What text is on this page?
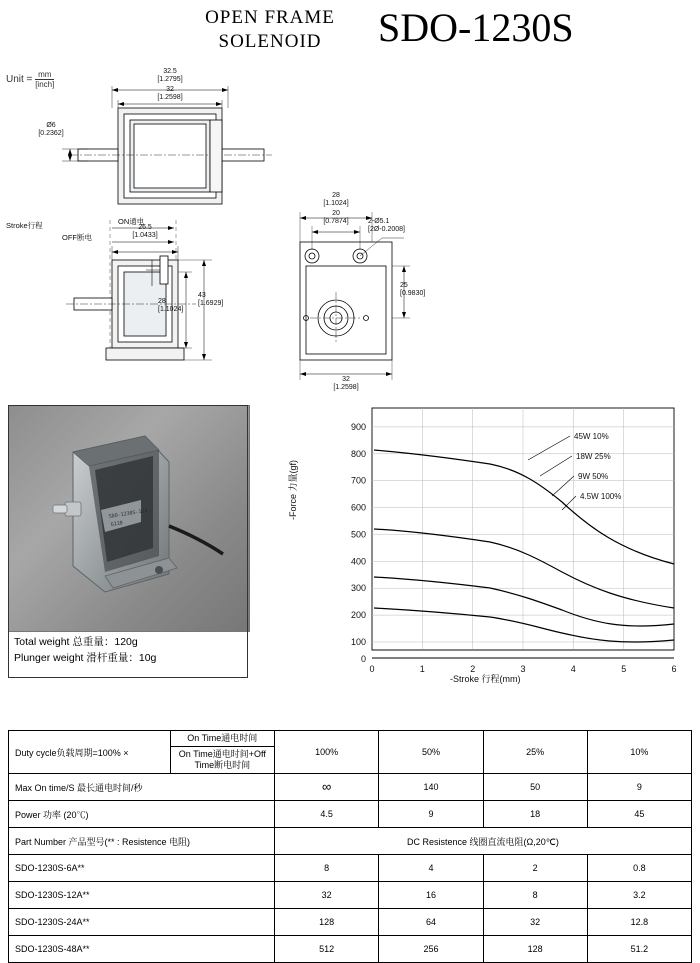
OPEN FRAME
SOLENOID	SDO-1230S
Unit = $\frac{mm}{\text{[inch]}}$	32.5
[1.2795]
32
[1.2598]
Ø6
[0.2362]
Stroke行程	ON通电
OFF断电
26.5
[1.0433]
43
[1.6929]
28
[1.1024]
28
[1.1024]
20
[0.7874]	2-Ø5.1
[2Ø-0.2008]
25
[0.9830]
32
[1.2598]
SDO-1230S-12A
G110
Total weight 总重量：120g
Plunger weight 滑杆重量：10g
900
800
700
600
500
400
300
200
100
0
0	1	2	3	4	5	6
45W 10%
18W 25%
9W 50%
4.5W 100%
-Force 力量(gf)
-Stroke 行程(mm)
Duty cycle负载周期=100% ×	On Time通电时间
On Time通电时间+Off Time断电时间	100%	50%	25%	10%
Max On time/S 最长通电时间/秒		∞	140	50	9
Power 功率 (20℃)		4.5	9	18	45
Part Number 产品型号(** : Resistence 电阻)		DC Resistence 线圈直流电阻(Ω,20℃)			
SDO-1230S-6A**		8	4	2	0.8
SDO-1230S-12A**		32	16	8	3.2
SDO-1230S-24A**		128	64	32	12.8
SDO-1230S-48A**		512	256	128	51.2
